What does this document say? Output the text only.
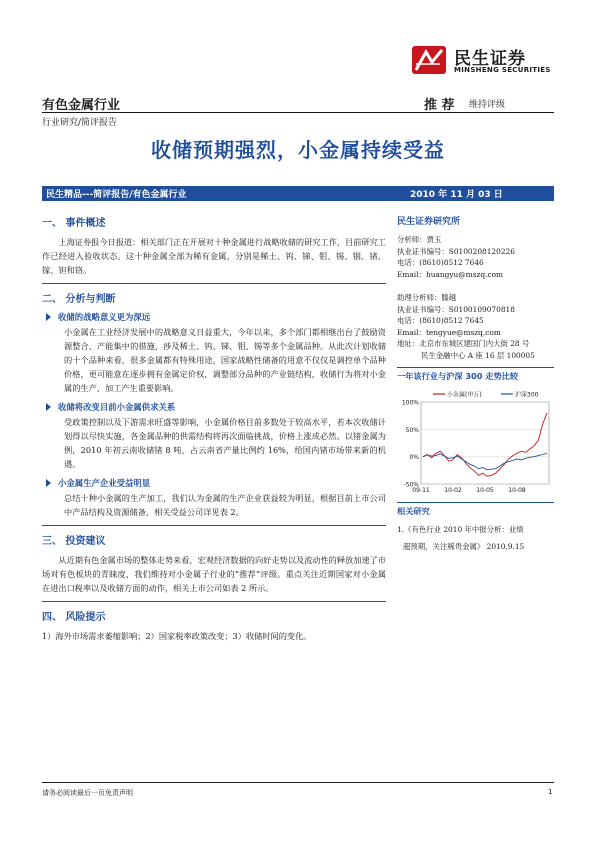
民生证券
MINSHENG SECURITIES
有色金属行业	推 荐 维持评级
行业研究/简评报告
收储预期强烈，小金属持续受益
民生精品---简评报告/有色金属行业	2010 年 11 月 03 日
一、 事件概述
上海证券报今日报道：相关部门正在开展对十种金属进行战略收储的研究工作，目前研究工作已经进入验收状态。这十种金属全部为稀有金属，分别是稀土、钨、锑、钼、锡、铟、锗、镓、钽和铬。
二、 分析与判断
收储的战略意义更为深远
小金属在工业经济发展中的战略意义日益重大，今年以来，多个部门都相继出台了鼓励资源整合、产能集中的措施，涉及稀土、钨、锑、钼、锡等多个金属品种。从此次计划收储的十个品种来看，很多金属都有特殊用途，国家战略性储备的用意不仅仅是调控单个品种价格，更可能意在逐步拥有金属定价权，调整部分品种的产业链结构，收储行为将对小金属的生产、加工产生重要影响。
收储将改变目前小金属供求关系
受政策控制以及下游需求旺盛等影响，小金属价格目前多数处于较高水平，若本次收储计划得以尽快实施，各金属品种的供需结构将再次面临挑战，价格上涨成必然。以锗金属为例，2010 年初云南收储锗 8 吨，占云南省产量比例约 16%，给国内锗市场带来新的机遇。
小金属生产企业受益明显
总结十种小金属的生产加工，我们认为金属的生产企业获益较为明显，根据目前上市公司中产品结构及资源储备，相关受益公司详见表 2。
三、 投资建议
从近期有色金属市场的整体走势来看，宏观经济数据的向好走势以及流动性的释放加速了市场对有色板块的青睐度，我们维持对小金属子行业的“推荐”评级。重点关注近期国家对小金属在进出口税率以及收储方面的动作，相关上市公司如表 2 所示。
四、 风险提示
1）海外市场需求萎缩影响；2）国家税率政策改变；3）收储时间的变化。
民生证券研究所
分析师：贾玉
执业证书编号：S0100208120226
电话：(8610)8512 7646
Email：huangyu@mszq.com
助理分析师：滕越
执业证书编号：S0100109070818
电话：(8610)8512 7645
Email：tengyue@mszq.com
地址：北京市东城区建国门内大街 28 号
民生金融中心 A 座 16 层 100005
一年该行业与沪深 300 走势比较
100%
50%
0%
-50%
09-11 10-02 10-05 10-08
小金属(申万)	沪深300
相关研究
1.《有色行业 2010 年中报分析：业绩
超预期，关注稀贵金属》 2010.9.15
请务必阅读最后一页免责声明	1
